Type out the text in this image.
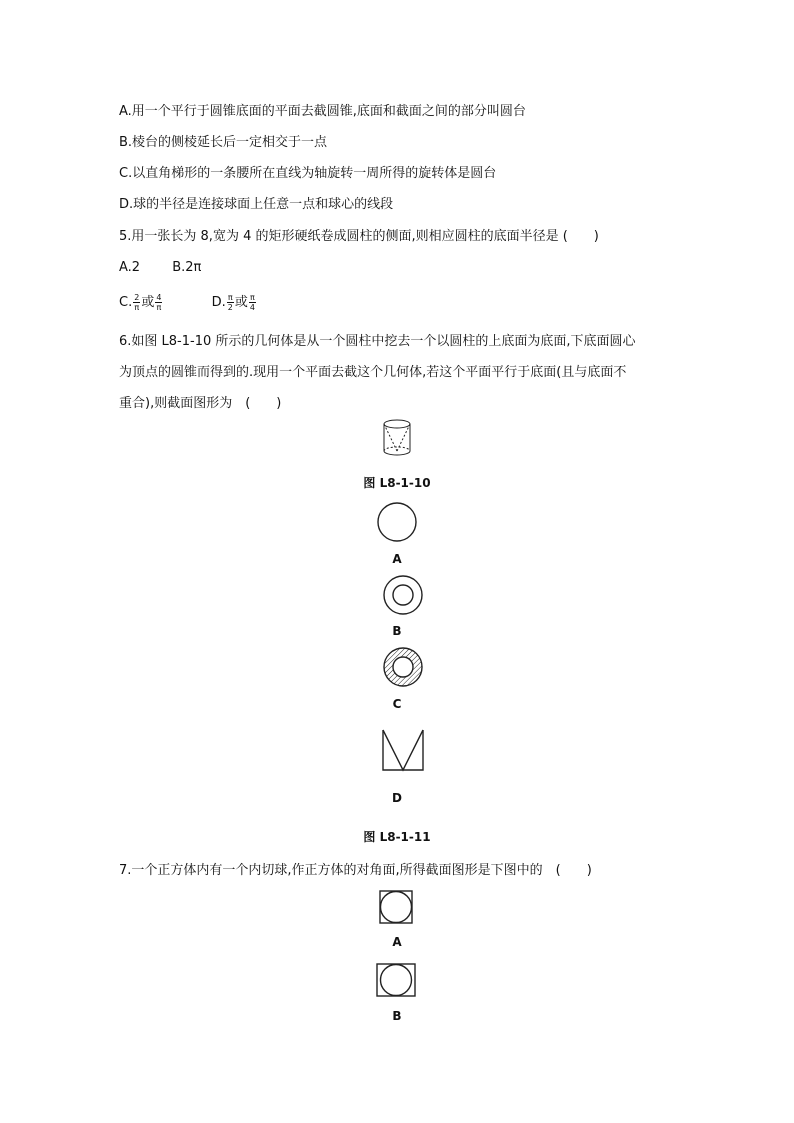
A.用一个平行于圆锥底面的平面去截圆锥,底面和截面之间的部分叫圆台
B.棱台的侧棱延长后一定相交于一点
C.以直角梯形的一条腰所在直线为轴旋转一周所得的旋转体是圆台
D.球的半径是连接球面上任意一点和球心的线段
5.用一张长为 8,宽为 4 的矩形硬纸卷成圆柱的侧面,则相应圆柱的底面半径是 (　　)
A.2 B.2π
C. $\frac{2}{\pi}$ 或 $\frac{4}{\pi}$	D. $\frac{\pi}{2}$ 或 $\frac{\pi}{4}$
6.如图 L8-1-10 所示的几何体是从一个圆柱中挖去一个以圆柱的上底面为底面,下底面圆心
为顶点的圆锥而得到的.现用一个平面去截这个几何体,若这个平面平行于底面(且与底面不
重合),则截面图形为　(　　)
图 L8-1-10
A
B
C
D
图 L8-1-11
7.一个正方体内有一个内切球,作正方体的对角面,所得截面图形是下图中的　(　　)
A
B
